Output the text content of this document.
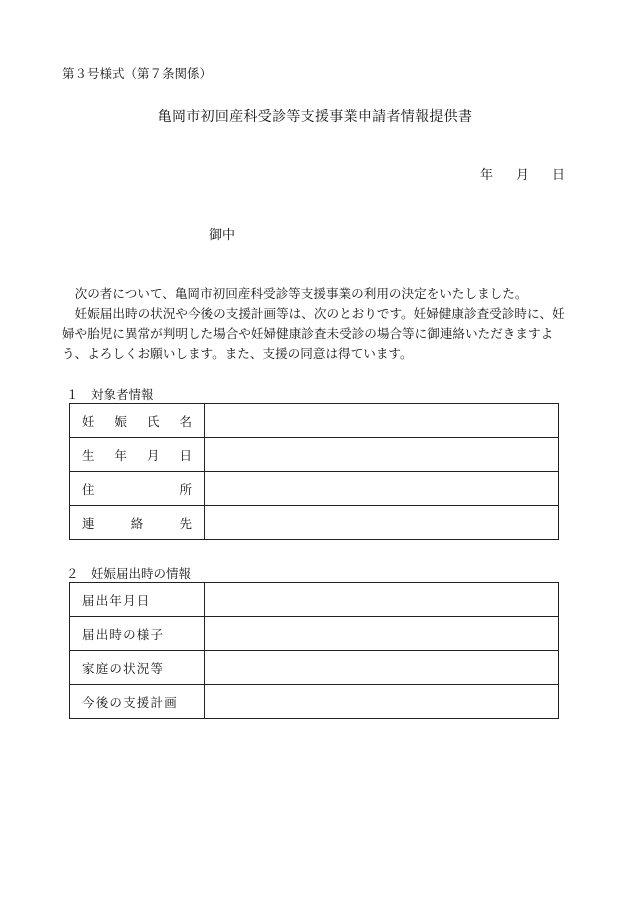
第３号様式（第７条関係）
亀岡市初回産科受診等支援事業申請者情報提供書
年 月 日
御中

次の者について、亀岡市初回産科受診等支援事業の利用の決定をいたしました。

妊娠届出時の状況や今後の支援計画等は、次のとおりです。妊婦健康診査受診時に、妊婦や胎児に異常が判明した場合や妊婦健康診査未受診の場合等に御連絡いただきますよう、よろしくお願いします。また、支援の同意は得ています。

１　対象者情報
妊 娠 氏 名	

生 年 月 日	

住 所	

連 絡 先	

２　妊娠届出時の情報
届出年月日	
届出時の様子	
家庭の状況等	
今後の支援計画	
